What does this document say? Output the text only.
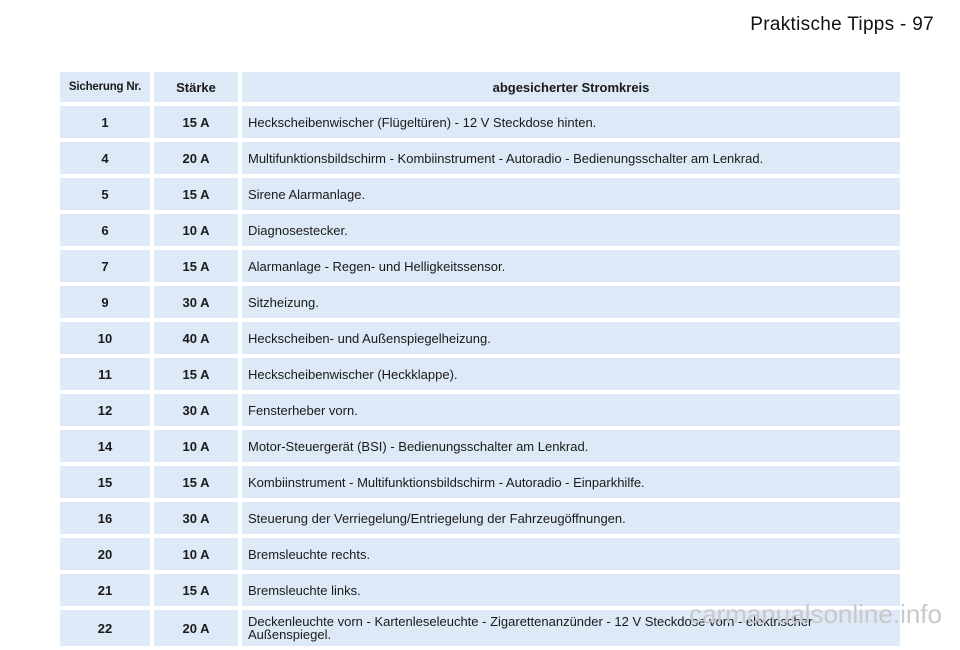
Praktische Tipps - 97
Sicherung Nr.	Stärke	abgesicherter Stromkreis
1	15 A	Heckscheibenwischer (Flügeltüren) - 12 V Steckdose hinten.
4	20 A	Multifunktionsbildschirm - Kombiinstrument - Autoradio - Bedienungsschalter am Lenkrad.
5	15 A	Sirene Alarmanlage.
6	10 A	Diagnosestecker.
7	15 A	Alarmanlage - Regen- und Helligkeitssensor.
9	30 A	Sitzheizung.
10	40 A	Heckscheiben- und Außenspiegelheizung.
11	15 A	Heckscheibenwischer (Heckklappe).
12	30 A	Fensterheber vorn.
14	10 A	Motor-Steuergerät (BSI) - Bedienungsschalter am Lenkrad.
15	15 A	Kombiinstrument - Multifunktionsbildschirm - Autoradio - Einparkhilfe.
16	30 A	Steuerung der Verriegelung/Entriegelung der Fahrzeugöffnungen.
20	10 A	Bremsleuchte rechts.
21	15 A	Bremsleuchte links.
22	20 A	Deckenleuchte vorn - Kartenleseleuchte - Zigarettenanzünder - 12 V Steckdose vorn - elektrischer Außenspiegel.
carmanualsonline.info
